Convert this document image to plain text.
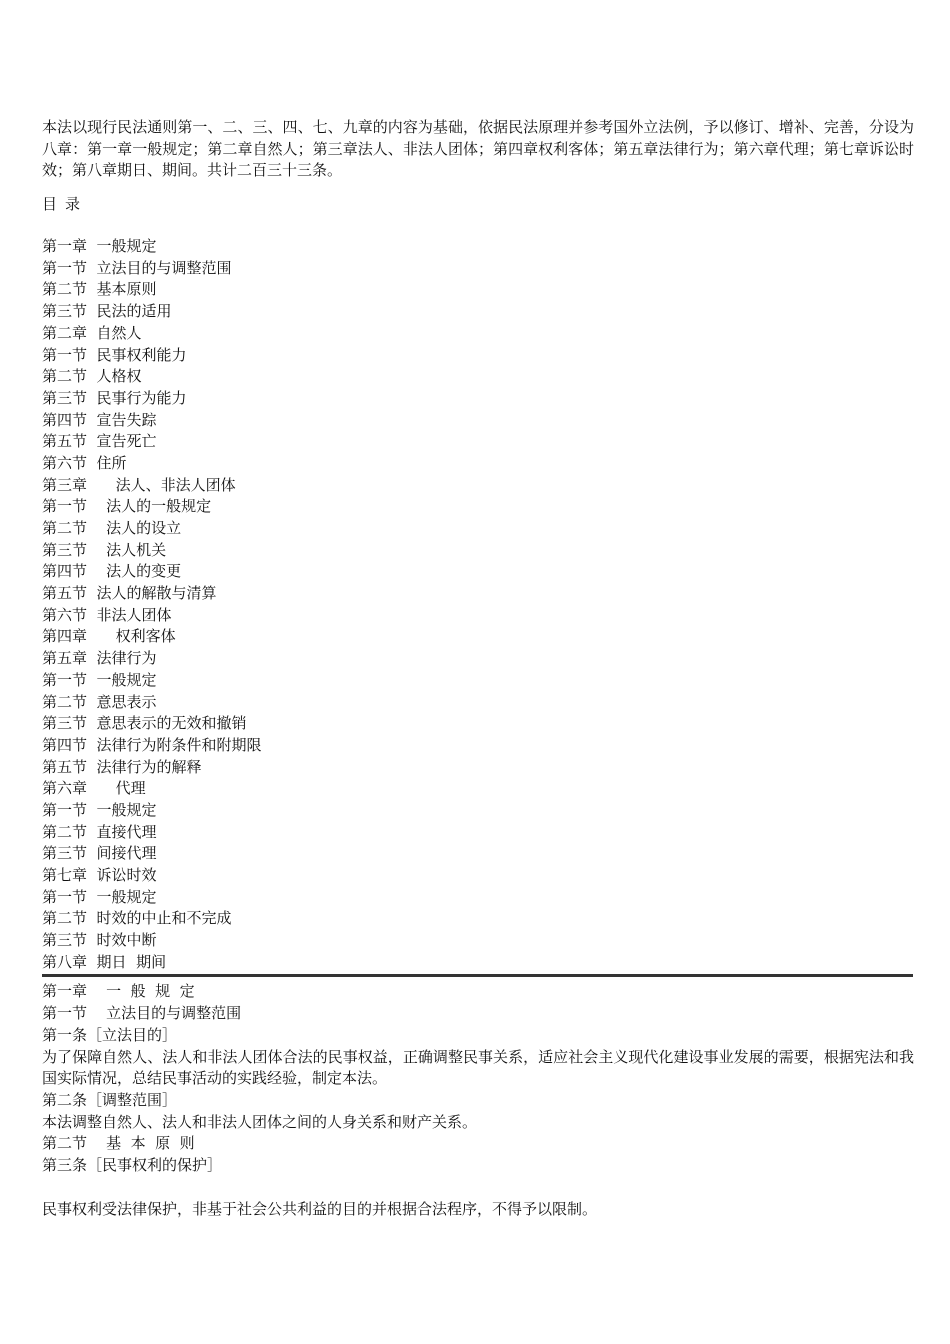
本法以现行民法通则第一、二、三、四、七、九章的内容为基础，依据民法原理并参考国外立法例，予以修订、增补、完善，分设为八章：第一章一般规定；第二章自然人；第三章法人、非法人团体；第四章权利客体；第五章法律行为；第六章代理；第七章诉讼时效；第八章期日、期间。共计二百三十三条。

目录
第一章  一般规定
第一节  立法目的与调整范围
第二节  基本原则
第三节  民法的适用
第二章  自然人
第一节  民事权利能力
第二节  人格权
第三节  民事行为能力
第四节  宣告失踪
第五节  宣告死亡
第六节  住所
第三章      法人、非法人团体
第一节    法人的一般规定
第二节    法人的设立
第三节    法人机关
第四节    法人的变更
第五节  法人的解散与清算
第六节  非法人团体
第四章      权利客体
第五章  法律行为
第一节  一般规定
第二节  意思表示
第三节  意思表示的无效和撤销
第四节  法律行为附条件和附期限
第五节  法律行为的解释
第六章      代理
第一节  一般规定
第二节  直接代理
第三节  间接代理
第七章  诉讼时效
第一节  一般规定
第二节  时效的中止和不完成
第三节  时效中断
第八章  期日  期间
第一章    一  般  规  定
第一节    立法目的与调整范围
第一条［立法目的］
为了保障自然人、法人和非法人团体合法的民事权益，正确调整民事关系，适应社会主义现代化建设事业发展的需要，根据宪法和我国实际情况，总结民事活动的实践经验，制定本法。
第二条［调整范围］
本法调整自然人、法人和非法人团体之间的人身关系和财产关系。
第二节    基  本  原  则
第三条［民事权利的保护］
民事权利受法律保护，非基于社会公共利益的目的并根据合法程序，不得予以限制。
